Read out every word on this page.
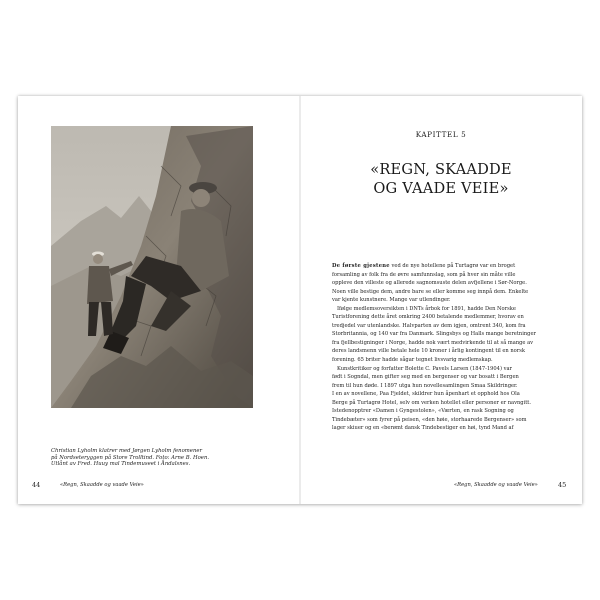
Christian Lyholm klatrer med Jørgen Lyholm fenomener
på Nordseteryggen på Store Trolltind. Foto: Arne B. Hoen.
Utlånt av Fred. Huuy mal Tindemuseet i Åndalsnes.
44	«Regn, Skaadde og vaade Veie»
KAPITTEL 5
«REGN, SKAADDE
OG VAADE VEIE»
De første gjestene ved de nye hotellene på Turtagrø var en broget
forsamling av folk fra de øvre samfunnslag, som på hver sin måte ville
oppleve den villeste og alleredе sagnomsuste delen avfjellene i Sør-Norge.
Noen ville bestige dem, andre bare se eller komme seg innpå dem. Enkelte
var kjente kunstnere. Mange var utlendinger.
Ifølge medlemsoversikten i DNTs årbok for 1891, hadde Den Norske
Turistforening dette året omkring 2400 betalende medlemmer, hvorav en
tredjedel var utenlandske. Halvparten av dem igjen, omtrent 340, kom fra
Storbritannia, og 140 var fra Danmark. Slingsbys og Halls mange beretninger
fra fjellbestigninger i Norge, hadde nok vært medvirkende til at så mange av
deres landsmenn ville betale hele 10 kroner i årlig kontingent til en norsk
forening. 65 briter hadde sågar tegnet livsvarig medlemskap.
Kunstkritiker og forfatter Bolette C. Pavels Larsen (1847-1904) var
født i Sogndal, men gifteт seg med en bergenser og var bosatt i Bergen
frem til hun døde. I 1897 utga hun novellesamlingen Smaa Skildringer.
I en av novellene, Paa Fjeldet, skildrer hun åpenhart et opphold hos Ola
Berge på Turtagrø Hotel, selv om verken hotellet eller personer er navngitt.
Istedenopptrer «Damen i Gyngestolen», «Værten, en rask Sogning og
Tindebæter» som fyrer på peisen, «den høie, storhaarede Bergenser» som
lager skiuer og en «berømt dansk Tindebestiger en høi, tynd Mand af
«Regn, Skaadde og vaade Veie»	45
